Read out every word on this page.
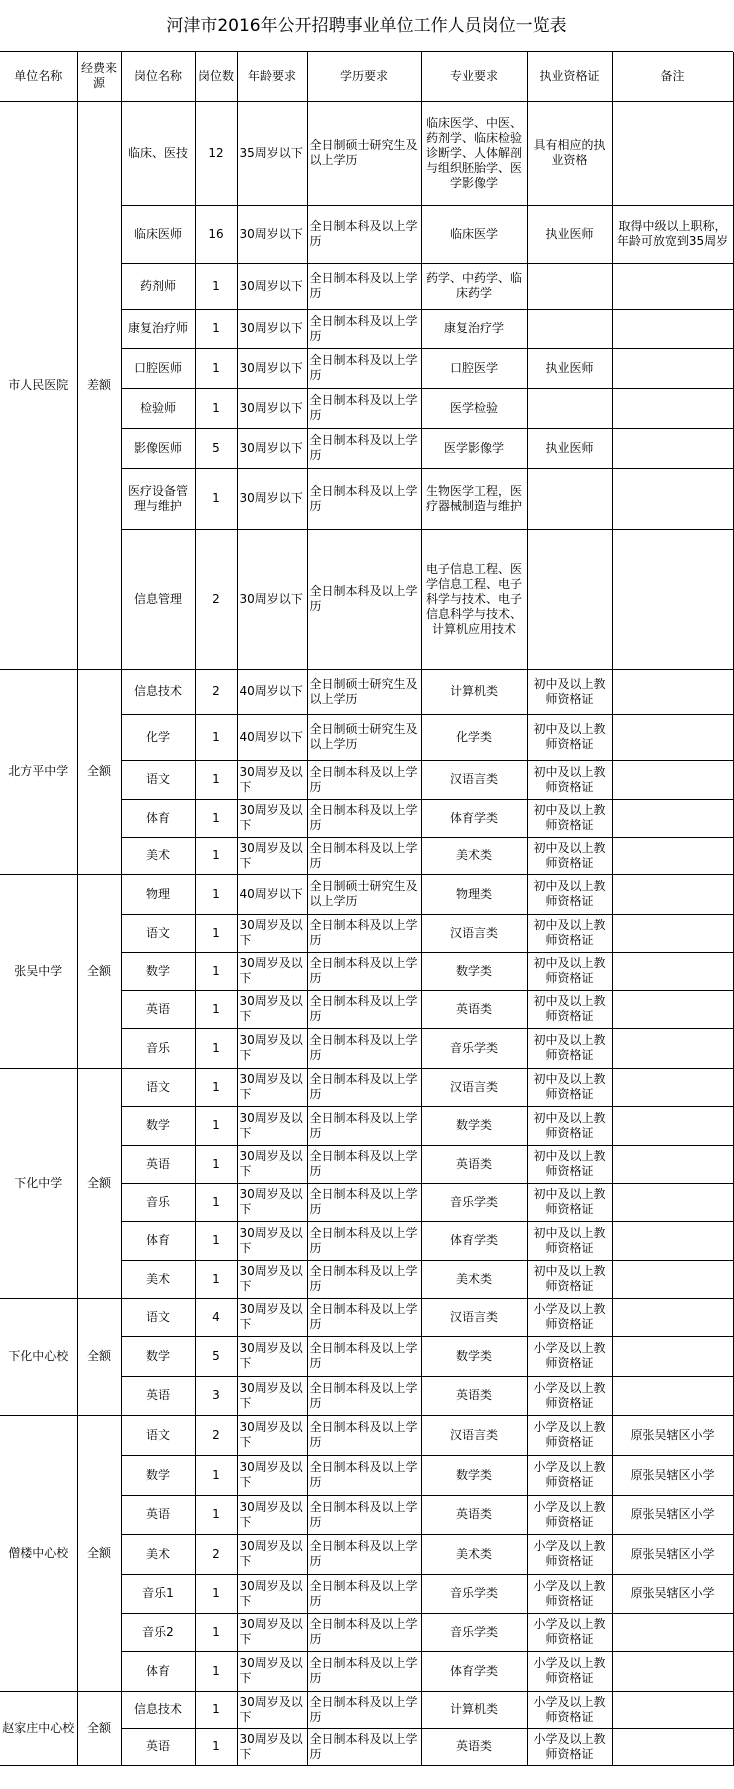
河津市2016年公开招聘事业单位工作人员岗位一览表
单位名称	经费来源	岗位名称	岗位数	年龄要求	学历要求	专业要求	执业资格证	备注
市人民医院	差额	临床、医技	12	35周岁以下	全日制硕士研究生及以上学历	临床医学、中医、药剂学、临床检验诊断学、人体解剖与组织胚胎学、医学影像学	具有相应的执业资格	
		临床医师	16	30周岁以下	全日制本科及以上学历	临床医学	执业医师	取得中级以上职称，年龄可放宽到35周岁
		药剂师	1	30周岁以下	全日制本科及以上学历	药学、中药学、临床药学		
		康复治疗师	1	30周岁以下	全日制本科及以上学历	康复治疗学		
		口腔医师	1	30周岁以下	全日制本科及以上学历	口腔医学	执业医师	
		检验师	1	30周岁以下	全日制本科及以上学历	医学检验		
		影像医师	5	30周岁以下	全日制本科及以上学历	医学影像学	执业医师	
		医疗设备管理与维护	1	30周岁以下	全日制本科及以上学历	生物医学工程，医疗器械制造与维护		
		信息管理	2	30周岁以下	全日制本科及以上学历	电子信息工程、医学信息工程、电子科学与技术、电子信息科学与技术、计算机应用技术		
北方平中学	全额	信息技术	2	40周岁以下	全日制硕士研究生及以上学历	计算机类	初中及以上教师资格证	
		化学	1	40周岁以下	全日制硕士研究生及以上学历	化学类	初中及以上教师资格证	
		语文	1	30周岁及以下	全日制本科及以上学历	汉语言类	初中及以上教师资格证	
		体育	1	30周岁及以下	全日制本科及以上学历	体育学类	初中及以上教师资格证	
		美术	1	30周岁及以下	全日制本科及以上学历	美术类	初中及以上教师资格证	
张吴中学	全额	物理	1	40周岁以下	全日制硕士研究生及以上学历	物理类	初中及以上教师资格证	
		语文	1	30周岁及以下	全日制本科及以上学历	汉语言类	初中及以上教师资格证	
		数学	1	30周岁及以下	全日制本科及以上学历	数学类	初中及以上教师资格证	
		英语	1	30周岁及以下	全日制本科及以上学历	英语类	初中及以上教师资格证	
		音乐	1	30周岁及以下	全日制本科及以上学历	音乐学类	初中及以上教师资格证	
下化中学	全额	语文	1	30周岁及以下	全日制本科及以上学历	汉语言类	初中及以上教师资格证	
		数学	1	30周岁及以下	全日制本科及以上学历	数学类	初中及以上教师资格证	
		英语	1	30周岁及以下	全日制本科及以上学历	英语类	初中及以上教师资格证	
		音乐	1	30周岁及以下	全日制本科及以上学历	音乐学类	初中及以上教师资格证	
		体育	1	30周岁及以下	全日制本科及以上学历	体育学类	初中及以上教师资格证	
		美术	1	30周岁及以下	全日制本科及以上学历	美术类	初中及以上教师资格证	
下化中心校	全额	语文	4	30周岁及以下	全日制本科及以上学历	汉语言类	小学及以上教师资格证	
		数学	5	30周岁及以下	全日制本科及以上学历	数学类	小学及以上教师资格证	
		英语	3	30周岁及以下	全日制本科及以上学历	英语类	小学及以上教师资格证	
僧楼中心校	全额	语文	2	30周岁及以下	全日制本科及以上学历	汉语言类	小学及以上教师资格证	原张吴辖区小学
		数学	1	30周岁及以下	全日制本科及以上学历	数学类	小学及以上教师资格证	原张吴辖区小学
		英语	1	30周岁及以下	全日制本科及以上学历	英语类	小学及以上教师资格证	原张吴辖区小学
		美术	2	30周岁及以下	全日制本科及以上学历	美术类	小学及以上教师资格证	原张吴辖区小学
		音乐1	1	30周岁及以下	全日制本科及以上学历	音乐学类	小学及以上教师资格证	原张吴辖区小学
		音乐2	1	30周岁及以下	全日制本科及以上学历	音乐学类	小学及以上教师资格证	
		体育	1	30周岁及以下	全日制本科及以上学历	体育学类	小学及以上教师资格证	
赵家庄中心校	全额	信息技术	1	30周岁及以下	全日制本科及以上学历	计算机类	小学及以上教师资格证	
		英语	1	30周岁及以下	全日制本科及以上学历	英语类	小学及以上教师资格证	
